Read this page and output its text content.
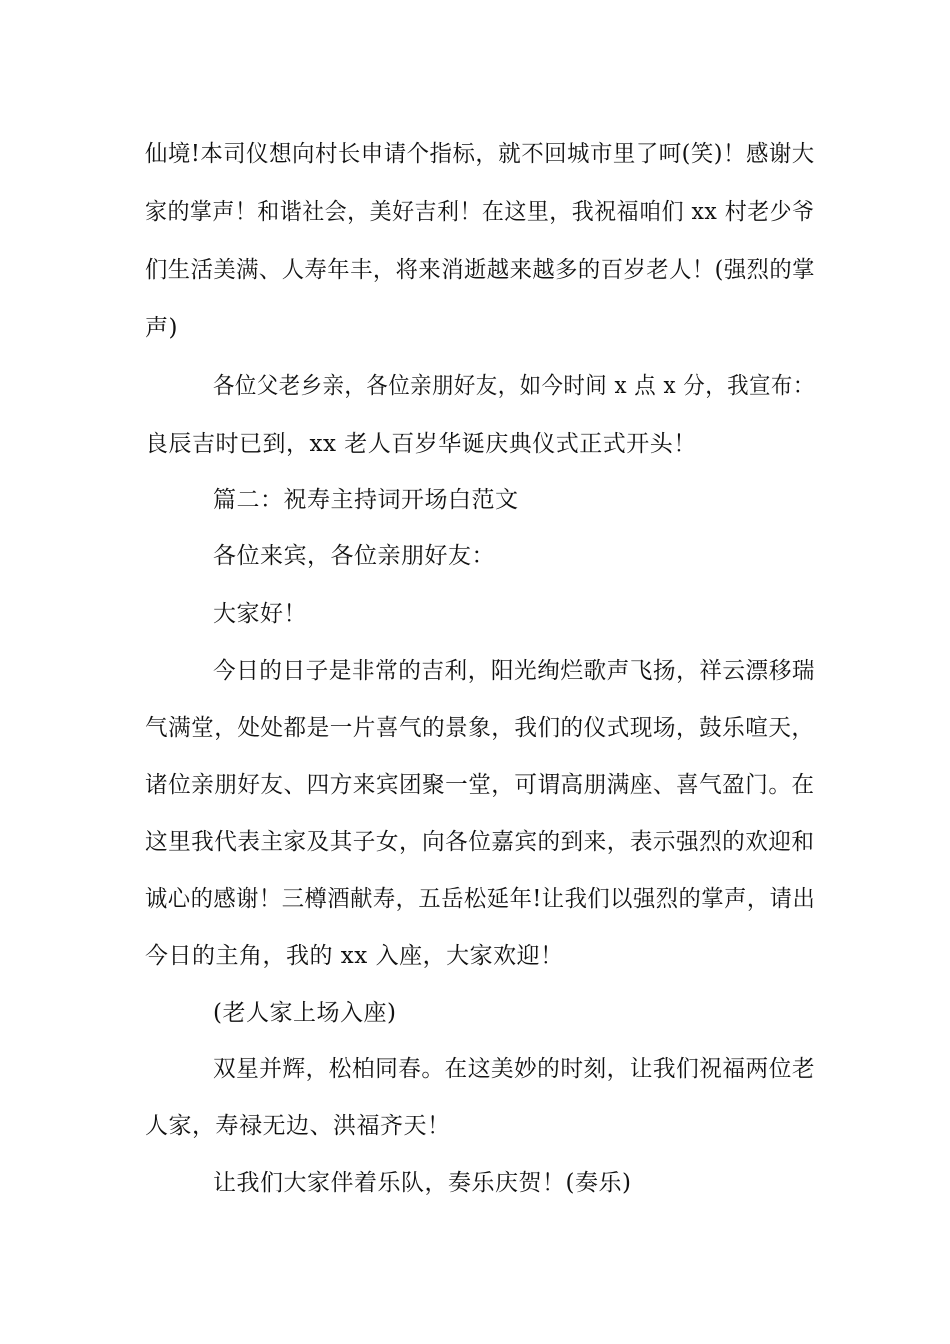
仙境!本司仪想向村长申请个指标，就不回城市里了呵(笑)！感谢大
家的掌声！和谐社会，美好吉利！在这里，我祝福咱们 xx 村老少爷
们生活美满、人寿年丰，将来消逝越来越多的百岁老人！(强烈的掌
声)
各位父老乡亲，各位亲朋好友，如今时间 x 点 x 分，我宣布：
良辰吉时已到，xx 老人百岁华诞庆典仪式正式开头！
篇二：祝寿主持词开场白范文
各位来宾，各位亲朋好友：
大家好！
今日的日子是非常的吉利，阳光绚烂歌声飞扬，祥云漂移瑞
气满堂，处处都是一片喜气的景象，我们的仪式现场，鼓乐喧天，
诸位亲朋好友、四方来宾团聚一堂，可谓高朋满座、喜气盈门。在
这里我代表主家及其子女，向各位嘉宾的到来，表示强烈的欢迎和
诚心的感谢！三樽酒献寿，五岳松延年!让我们以强烈的掌声，请出
今日的主角，我的 xx 入座，大家欢迎！
(老人家上场入座)
双星并辉，松柏同春。在这美妙的时刻，让我们祝福两位老
人家，寿禄无边、洪福齐天！
让我们大家伴着乐队，奏乐庆贺！(奏乐)
